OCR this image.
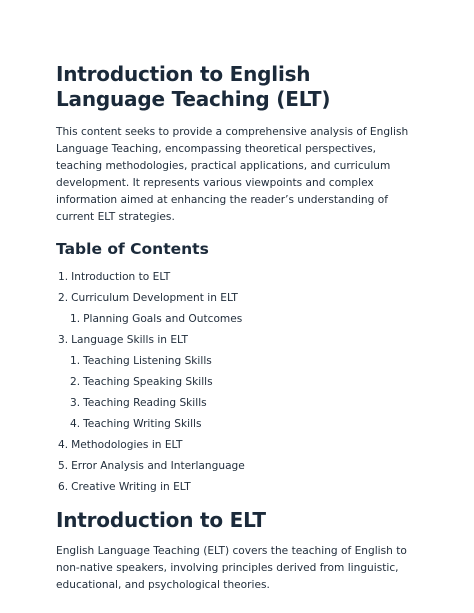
Introduction to English Language Teaching (ELT)

This content seeks to provide a comprehensive analysis of English Language Teaching, encompassing theoretical perspectives, teaching methodologies, practical applications, and curriculum development. It represents various viewpoints and complex information aimed at enhancing the reader’s understanding of current ELT strategies.

Table of Contents
1. Introduction to ELT
2. Curriculum Development in ELT
1. Planning Goals and Outcomes
3. Language Skills in ELT
1. Teaching Listening Skills
2. Teaching Speaking Skills
3. Teaching Reading Skills
4. Teaching Writing Skills
4. Methodologies in ELT
5. Error Analysis and Interlanguage
6. Creative Writing in ELT
Introduction to ELT

English Language Teaching (ELT) covers the teaching of English to non-native speakers, involving principles derived from linguistic, educational, and psychological theories.
